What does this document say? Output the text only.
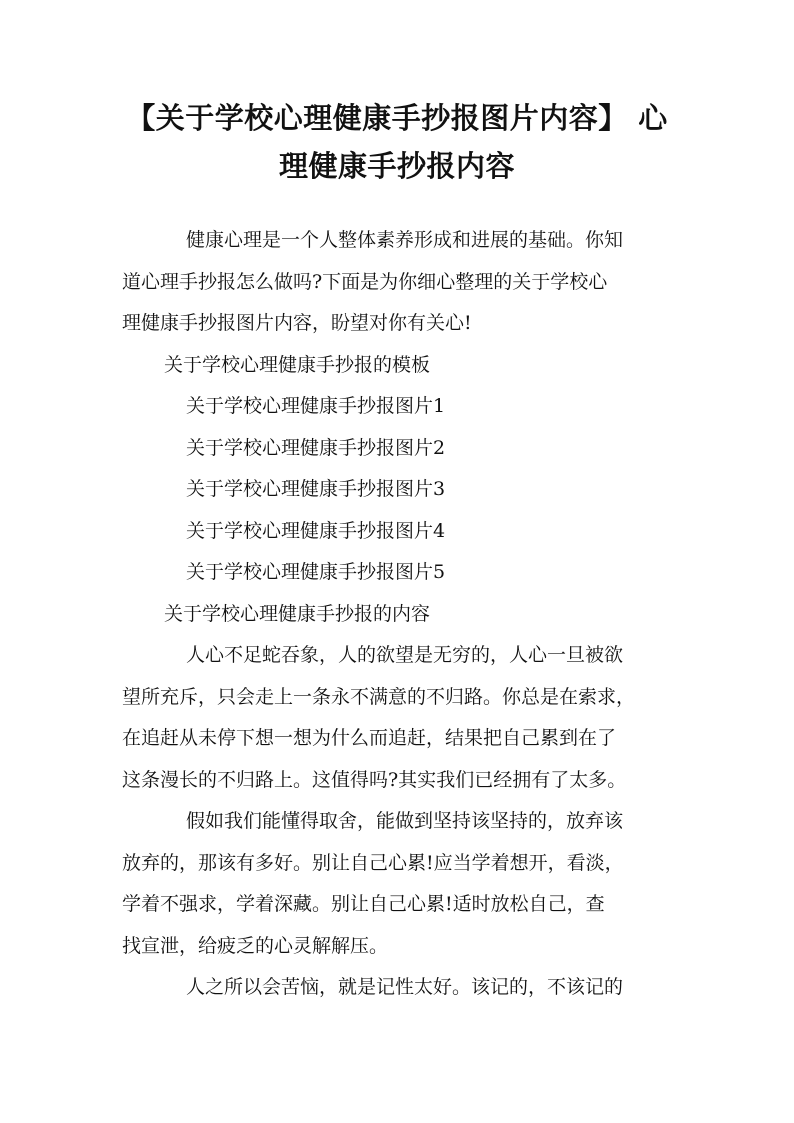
【关于学校心理健康手抄报图片内容】 心
理健康手抄报内容
健康心理是一个人整体素养形成和进展的基础。你知
道心理手抄报怎么做吗?下面是为你细心整理的关于学校心
理健康手抄报图片内容，盼望对你有关心!
关于学校心理健康手抄报的模板
关于学校心理健康手抄报图片1
关于学校心理健康手抄报图片2
关于学校心理健康手抄报图片3
关于学校心理健康手抄报图片4
关于学校心理健康手抄报图片5
关于学校心理健康手抄报的内容
人心不足蛇吞象，人的欲望是无穷的，人心一旦被欲
望所充斥，只会走上一条永不满意的不归路。你总是在索求，
在追赶从未停下想一想为什么而追赶，结果把自己累到在了
这条漫长的不归路上。这值得吗?其实我们已经拥有了太多。
假如我们能懂得取舍，能做到坚持该坚持的，放弃该
放弃的，那该有多好。别让自己心累!应当学着想开，看淡，
学着不强求，学着深藏。别让自己心累!适时放松自己，查
找宣泄，给疲乏的心灵解解压。
人之所以会苦恼，就是记性太好。该记的，不该记的
